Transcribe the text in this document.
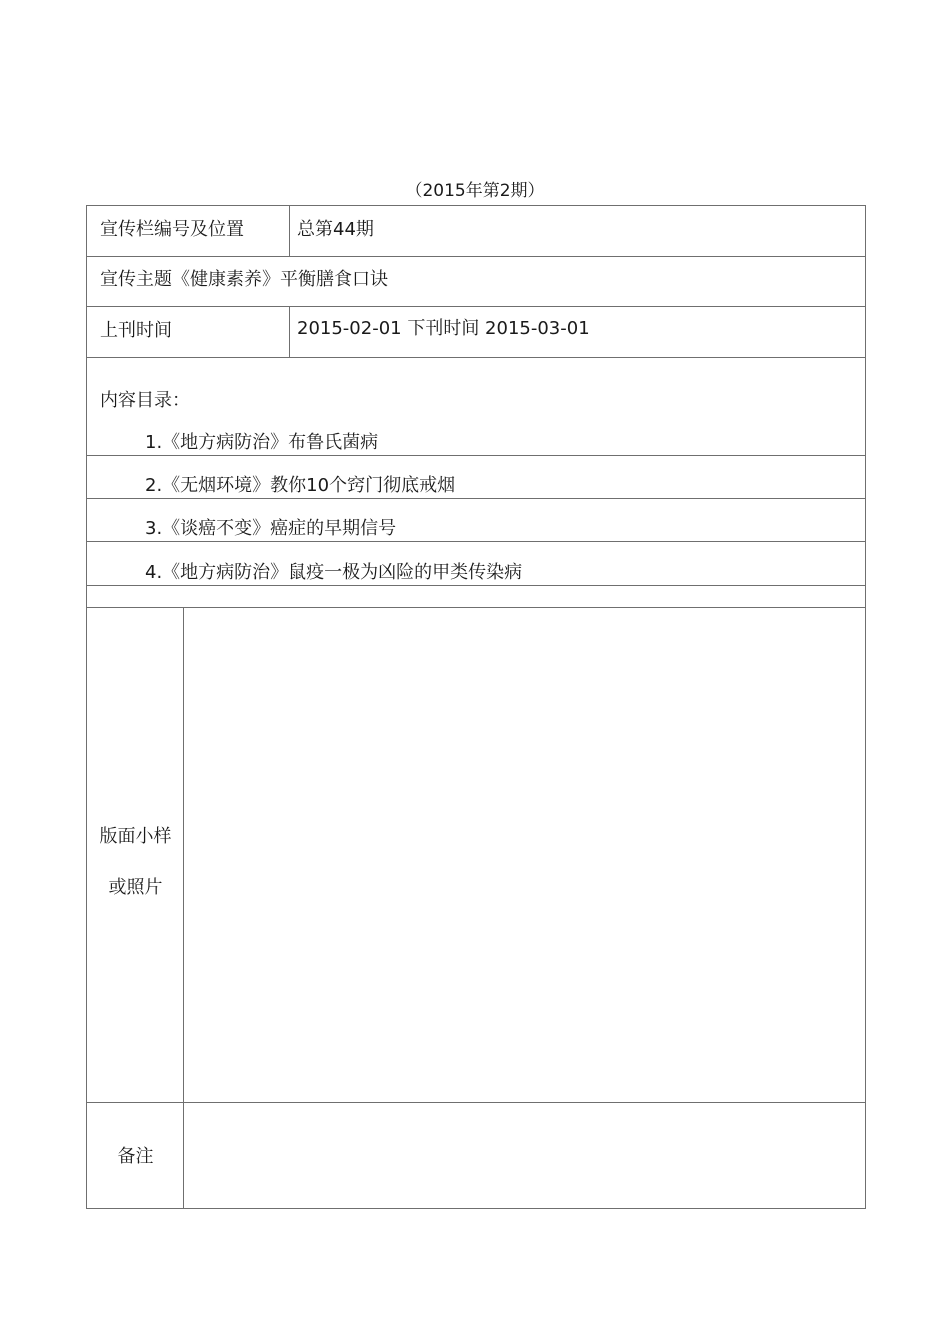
（2015年第2期）
宣传栏编号及位置	总第44期
宣传主题《健康素养》平衡膳食口诀
上刊时间	2015-02-01 下刊时间 2015-03-01
内容目录：
1.《地方病防治》布鲁氏菌病
2.《无烟环境》教你10个窍门彻底戒烟
3.《谈癌不变》癌症的早期信号
4.《地方病防治》鼠疫一极为凶险的甲类传染病
版面小样
或照片
备注
